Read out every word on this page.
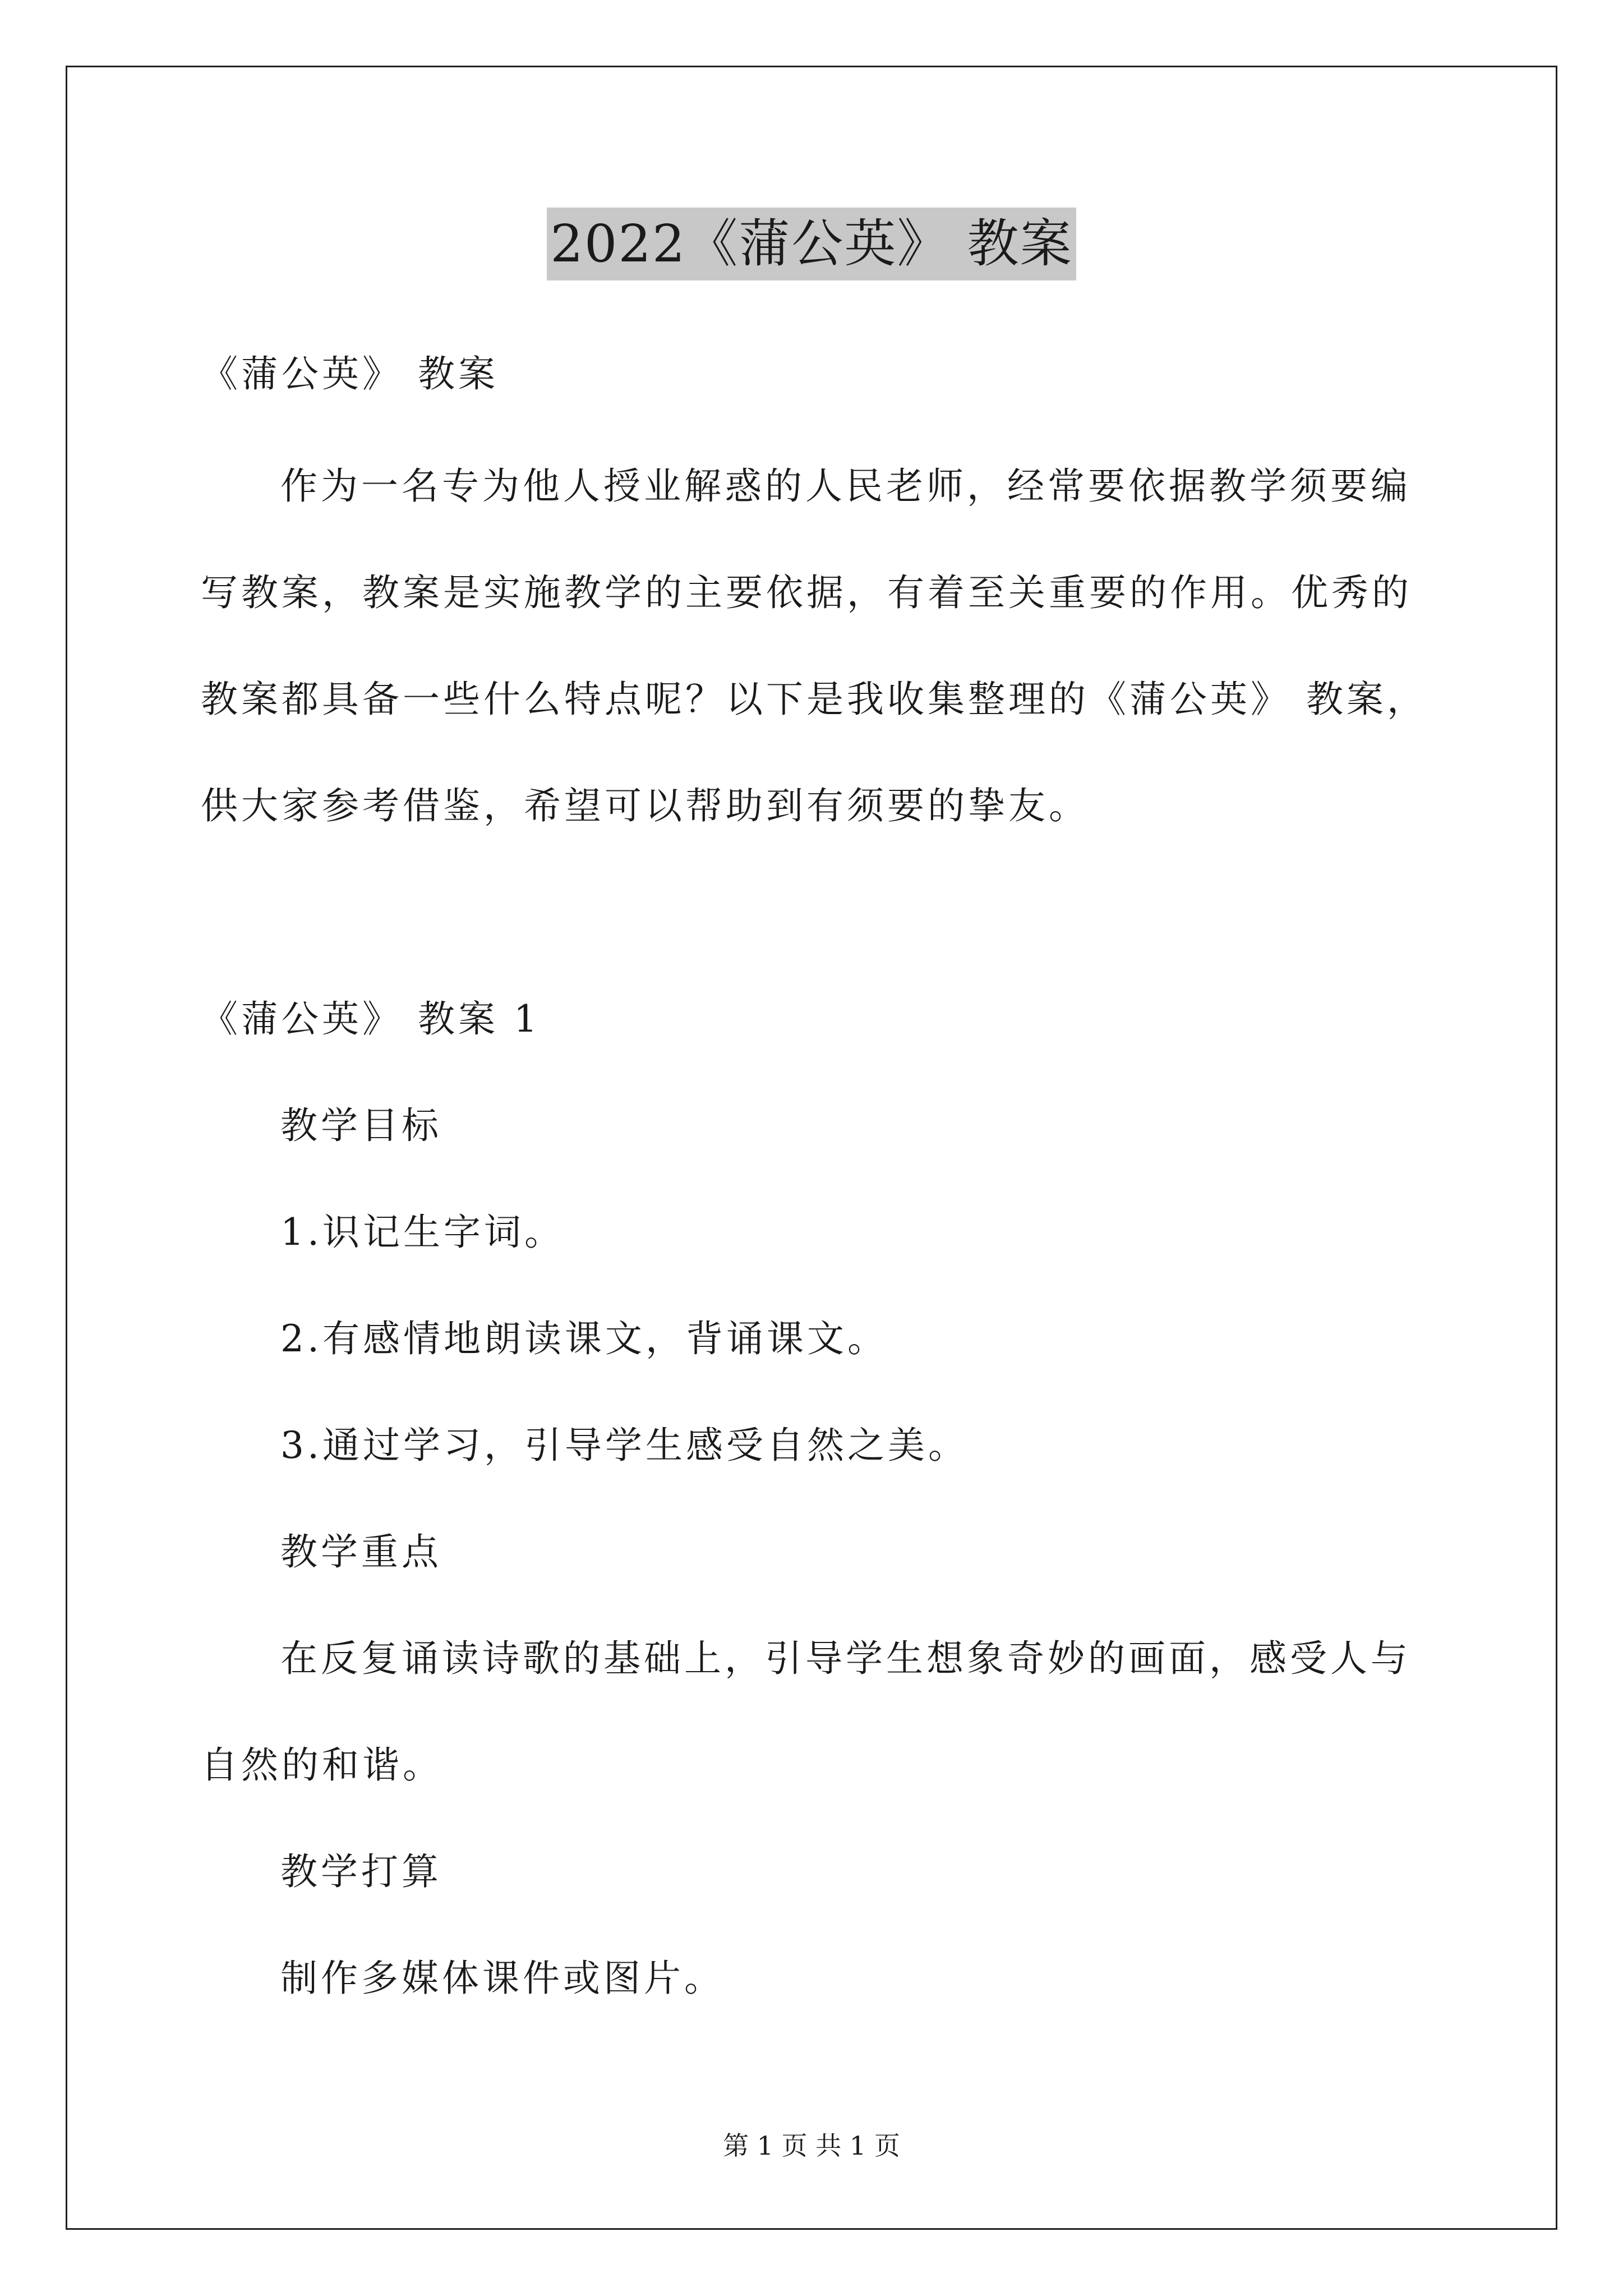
2022《蒲公英》 教案
《蒲公英》 教案
作为一名专为他人授业解惑的人民老师，经常要依据教学须要编
写教案，教案是实施教学的主要依据，有着至关重要的作用。优秀的
教案都具备一些什么特点呢？以下是我收集整理的《蒲公英》 教案，
供大家参考借鉴，希望可以帮助到有须要的挚友。
《蒲公英》 教案 1
教学目标
1.识记生字词。
2.有感情地朗读课文，背诵课文。
3.通过学习，引导学生感受自然之美。
教学重点
在反复诵读诗歌的基础上，引导学生想象奇妙的画面，感受人与
自然的和谐。
教学打算
制作多媒体课件或图片。
第 1 页 共 1 页
